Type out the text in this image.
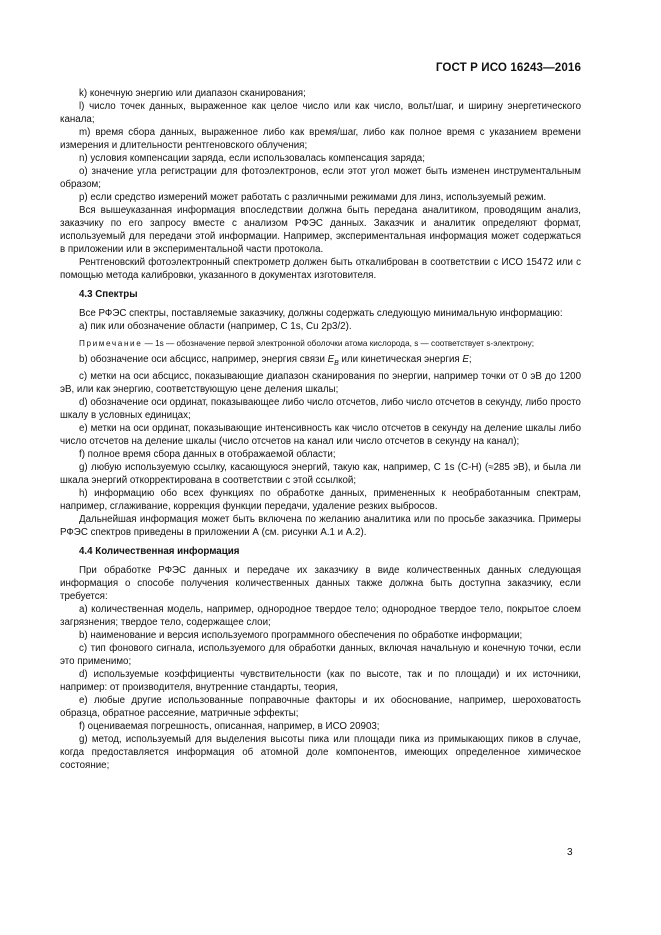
ГОСТ Р ИСО 16243—2016

k) конечную энергию или диапазон сканирования;

l) число точек данных, выраженное как целое число или как число, вольт/шаг, и ширину энергетического канала;

m) время сбора данных, выраженное либо как время/шаг, либо как полное время с указанием времени измерения и длительности рентгеновского облучения;

n) условия компенсации заряда, если использовалась компенсация заряда;

o) значение угла регистрации для фотоэлектронов, если этот угол может быть изменен инструментальным образом;

p) если средство измерений может работать с различными режимами для линз, используемый режим.

Вся вышеуказанная информация впоследствии должна быть передана аналитиком, проводящим анализ, заказчику по его запросу вместе с анализом РФЭС данных. Заказчик и аналитик определяют формат, используемый для передачи этой информации. Например, экспериментальная информация может содержаться в приложении или в экспериментальной части протокола.

Рентгеновский фотоэлектронный спектрометр должен быть откалиброван в соответствии с ИСО 15472 или с помощью метода калибровки, указанного в документах изготовителя.

4.3 Спектры

Все РФЭС спектры, поставляемые заказчику, должны содержать следующую минимальную информацию:

a) пик или обозначение области (например, C 1s, Cu 2p3/2).

Примечание — 1s — обозначение первой электронной оболочки атома кислорода, s — соответствует s-электрону;

b) обозначение оси абсцисс, например, энергия связи $E_B$ или кинетическая энергия E;

c) метки на оси абсцисс, показывающие диапазон сканирования по энергии, например точки от 0 эВ до 1200 эВ, или как энергию, соответствующую цене деления шкалы;

d) обозначение оси ординат, показывающее либо число отсчетов, либо число отсчетов в секунду, либо просто шкалу в условных единицах;

e) метки на оси ординат, показывающие интенсивность как число отсчетов в секунду на деление шкалы либо число отсчетов на деление шкалы (число отсчетов на канал или число отсчетов в секунду на канал);

f) полное время сбора данных в отображаемой области;

g) любую используемую ссылку, касающуюся энергий, такую как, например, C 1s (C-H) (≈285 эВ), и была ли шкала энергий откорректирована в соответствии с этой ссылкой;

h) информацию обо всех функциях по обработке данных, примененных к необработанным спектрам, например, сглаживание, коррекция функции передачи, удаление резких выбросов.

Дальнейшая информация может быть включена по желанию аналитика или по просьбе заказчика. Примеры РФЭС спектров приведены в приложении А (см. рисунки А.1 и А.2).

4.4 Количественная информация

При обработке РФЭС данных и передаче их заказчику в виде количественных данных следующая информация о способе получения количественных данных также должна быть доступна заказчику, если требуется:

a) количественная модель, например, однородное твердое тело; однородное твердое тело, покрытое слоем загрязнения; твердое тело, содержащее слои;

b) наименование и версия используемого программного обеспечения по обработке информации;

c) тип фонового сигнала, используемого для обработки данных, включая начальную и конечную точки, если это применимо;

d) используемые коэффициенты чувствительности (как по высоте, так и по площади) и их источники, например: от производителя, внутренние стандарты, теория,

e) любые другие использованные поправочные факторы и их обоснование, например, шероховатость образца, обратное рассеяние, матричные эффекты;

f) оцениваемая погрешность, описанная, например, в ИСО 20903;

g) метод, используемый для выделения высоты пика или площади пика из примыкающих пиков в случае, когда предоставляется информация об атомной доле компонентов, имеющих определенное химическое состояние;

3
